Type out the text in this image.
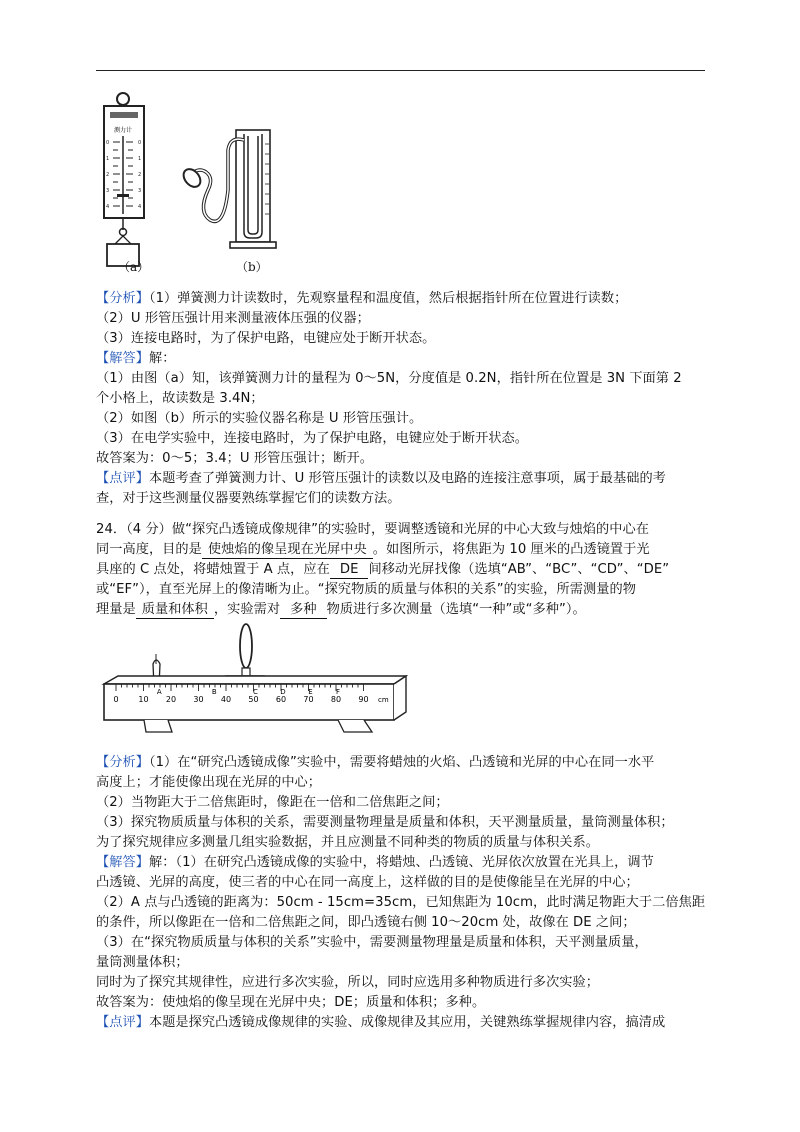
测力计
0
1
2
3
4
0
1
2
3
4
（a）	（b）
【分析】（1）弹簧测力计读数时，先观察量程和温度值，然后根据指针所在位置进行读数；
（2）U 形管压强计用来测量液体压强的仪器；
（3）连接电路时，为了保护电路，电键应处于断开状态。
【解答】解：
（1）由图（a）知，该弹簧测力计的量程为 0～5N，分度值是 0.2N，指针所在位置是 3N 下面第 2
个小格上，故读数是 3.4N；
（2）如图（b）所示的实验仪器名称是 U 形管压强计。
（3）在电学实验中，连接电路时，为了保护电路，电键应处于断开状态。
故答案为：0～5；3.4；U 形管压强计；断开。
【点评】本题考查了弹簧测力计、U 形管压强计的读数以及电路的连接注意事项，属于最基础的考
查，对于这些测量仪器要熟练掌握它们的读数方法。
24．（4 分）做“探究凸透镜成像规律”的实验时，要调整透镜和光屏的中心大致与烛焰的中心在
同一高度，目的是 使烛焰的像呈现在光屏中央 。如图所示，将焦距为 10 厘米的凸透镜置于光
具座的 C 点处，将蜡烛置于 A 点，应在 DE 间移动光屏找像（选填“AB”、“BC”、“CD”、“DE”
或“EF”），直至光屏上的像清晰为止。“探究物质的质量与体积的关系”的实验，所需测量的物
理量是 质量和体积 ，实验需对 多种 物质进行多次测量（选填“一种”或“多种”）。
0 10 20 30 40 50 60 70 80 90 cm
A	B	C	D	E	F
【分析】（1）在“研究凸透镜成像”实验中，需要将蜡烛的火焰、凸透镜和光屏的中心在同一水平
高度上；才能使像出现在光屏的中心；
（2）当物距大于二倍焦距时，像距在一倍和二倍焦距之间；
（3）探究物质质量与体积的关系，需要测量物理量是质量和体积，天平测量质量，量筒测量体积；
为了探究规律应多测量几组实验数据，并且应测量不同种类的物质的质量与体积关系。
【解答】解：（1）在研究凸透镜成像的实验中，将蜡烛、凸透镜、光屏依次放置在光具上，调节
凸透镜、光屏的高度，使三者的中心在同一高度上，这样做的目的是使像能呈在光屏的中心；
（2）A 点与凸透镜的距离为：50cm - 15cm=35cm，已知焦距为 10cm，此时满足物距大于二倍焦距
的条件，所以像距在一倍和二倍焦距之间，即凸透镜右侧 10～20cm 处，故像在 DE 之间；
（3）在“探究物质质量与体积的关系”实验中，需要测量物理量是质量和体积，天平测量质量，
量筒测量体积；
同时为了探究其规律性，应进行多次实验，所以，同时应选用多种物质进行多次实验；
故答案为：使烛焰的像呈现在光屏中央；DE；质量和体积；多种。
【点评】本题是探究凸透镜成像规律的实验、成像规律及其应用，关键熟练掌握规律内容，搞清成
